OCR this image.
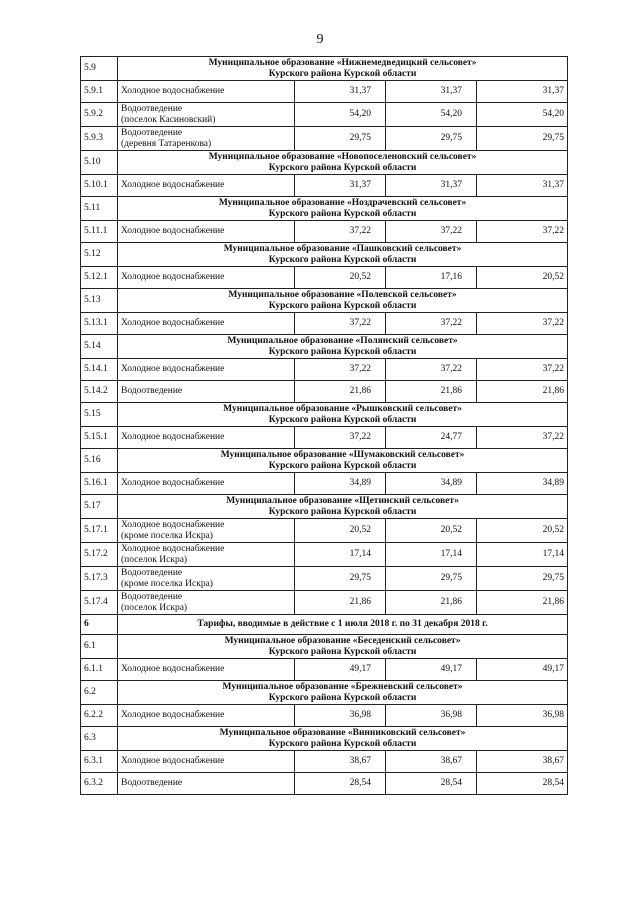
9
5.9	Муниципальное образование «Нижнемедведицкий сельсовет»
Курского района Курской области			

5.9.1	Холодное водоснабжение	31,37	31,37	31,37
5.9.2	Водоотведение
(поселок Касиновский)	54,20	54,20	54,20
5.9.3	Водоотведение
(деревня Татаренкова)	29,75	29,75	29,75
5.10	Муниципальное образование «Новопоселеновский сельсовет»
Курского района Курской области			

5.10.1	Холодное водоснабжение	31,37	31,37	31,37
5.11	Муниципальное образование «Ноздрачевский сельсовет»
Курского района Курской области			

5.11.1	Холодное водоснабжение	37,22	37,22	37,22
5.12	Муниципальное образование «Пашковский сельсовет»
Курского района Курской области			

5.12.1	Холодное водоснабжение	20,52	17,16	20,52
5.13	Муниципальное образование «Полевской сельсовет»
Курского района Курской области			

5.13.1	Холодное водоснабжение	37,22	37,22	37,22
5.14	Муниципальное образование «Полянский сельсовет»
Курского района Курской области			

5.14.1	Холодное водоснабжение	37,22	37,22	37,22
5.14.2	Водоотведение	21,86	21,86	21,86
5.15	Муниципальное образование «Рышковский сельсовет»
Курского района Курской области			

5.15.1	Холодное водоснабжение	37,22	24,77	37,22
5.16	Муниципальное образование «Шумаковский сельсовет»
Курского района Курской области			

5.16.1	Холодное водоснабжение	34,89	34,89	34,89
5.17	Муниципальное образование «Щетинский сельсовет»
Курского района Курской области			

5.17.1	Холодное водоснабжение
(кроме поселка Искра)	20,52	20,52	20,52
5.17.2	Холодное водоснабжение
(поселок Искра)	17,14	17,14	17,14
5.17.3	Водоотведение
(кроме поселка Искра)	29,75	29,75	29,75
5.17.4	Водоотведение
(поселок Искра)	21,86	21,86	21,86
6	Тарифы, вводимые в действие с 1 июля 2018 г. по 31 декабря 2018 г.			
6.1	Муниципальное образование «Беседенский сельсовет»
Курского района Курской области			

6.1.1	Холодное водоснабжение	49,17	49,17	49,17
6.2	Муниципальное образование «Брежневский сельсовет»
Курского района Курской области			

6.2.2	Холодное водоснабжение	36,98	36,98	36,98
6.3	Муниципальное образование «Винниковский сельсовет»
Курского района Курской области			

6.3.1	Холодное водоснабжение	38,67	38,67	38,67
6.3.2	Водоотведение	28,54	28,54	28,54
